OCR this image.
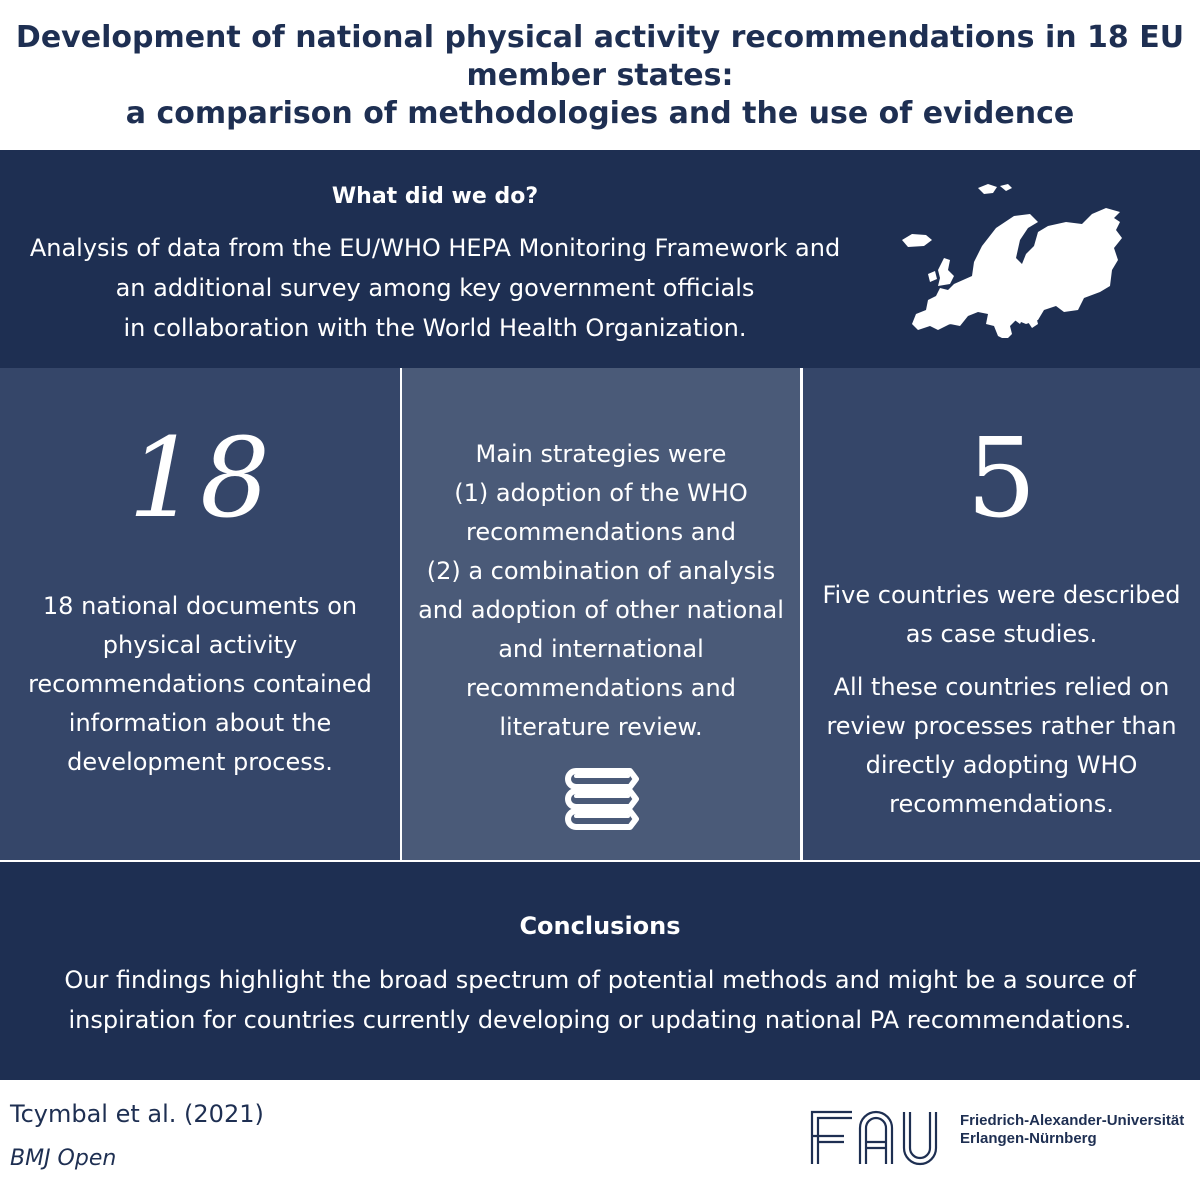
Development of national physical activity recommendations in 18 EU
member states:
a comparison of methodologies and the use of evidence
What did we do?
Analysis of data from the EU/WHO HEPA Monitoring Framework and
an additional survey among key government officials
in collaboration with the World Health Organization.
18
18 national documents on
physical activity
recommendations contained
information about the
development process.
Main strategies were
(1) adoption of the WHO
recommendations and
(2) a combination of analysis
and adoption of other national
and international
recommendations and
literature review.
5
Five countries were described
as case studies.
All these countries relied on
review processes rather than
directly adopting WHO
recommendations.
Conclusions
Our findings highlight the broad spectrum of potential methods and might be a source of
inspiration for countries currently developing or updating national PA recommendations.
Tcymbal et al. (2021)
BMJ Open
Friedrich-Alexander-Universität
Erlangen-Nürnberg
